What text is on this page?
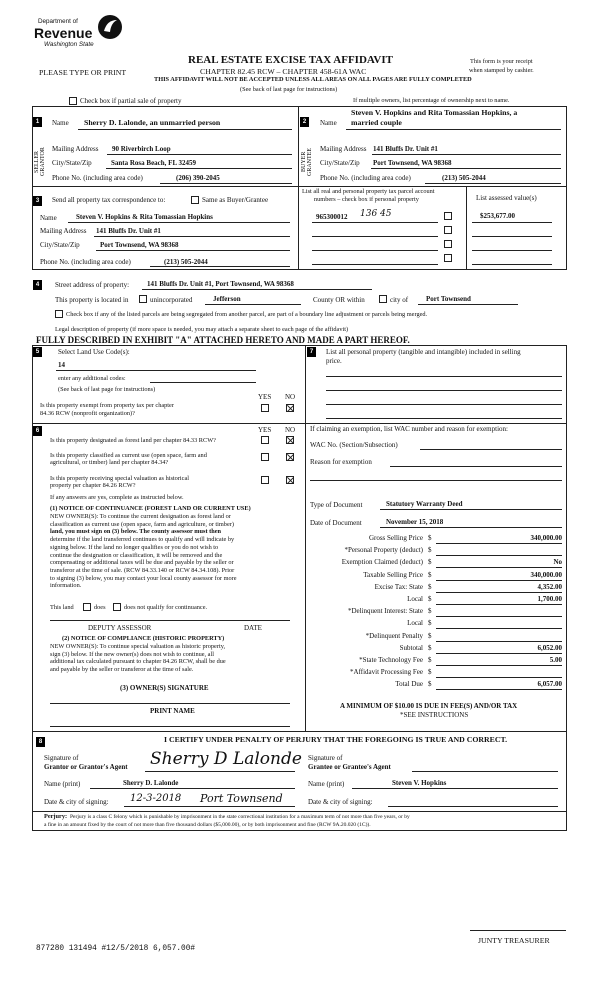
Department of
Revenue
Washington State
REAL ESTATE EXCISE TAX AFFIDAVIT
PLEASE TYPE OR PRINT	CHAPTER 82.45 RCW – CHAPTER 458-61A WAC
This form is your receipt
when stamped by cashier.
THIS AFFIDAVIT WILL NOT BE ACCEPTED UNLESS ALL AREAS ON ALL PAGES ARE FULLY COMPLETED
(See back of last page for instructions)
Check box if partial sale of property	If multiple owners, list percentage of ownership next to name.
1
SELLER GRANTOR
Name Sherry D. Lalonde, an unmarried person
Mailing Address 90 Riverbirch Loop
City/State/Zip	Santa Rosa Beach, FL 32459
Phone No. (including area code)	(206) 390-2045
2
BUYER GRANTEE
Name
Steven V. Hopkins and Rita Tomassian Hopkins, a
married couple
Mailing Address 141 Bluffs Dr. Unit #1
City/State/Zip Port Townsend, WA 98368
Phone No. (including area code)	(213) 505-2044
3	Send all property tax correspondence to:	Same as Buyer/Grantee
Name	Steven V. Hopkins & Rita Tomassian Hopkins
Mailing Address 141 Bluffs Dr. Unit #1
City/State/Zip	Port Townsend, WA 98368
Phone No. (including area code)	(213) 505-2044
List all real and personal property tax parcel account
numbers – check box if personal property	List assessed value(s)
965300012 136 45	$253,677.00
4	Street address of property:	141 Bluffs Dr. Unit #1, Port Townsend, WA 98368
This property is located in	unincorporated	Jefferson	County OR within	city of	Port Townsend
Check box if any of the listed parcels are being segregated from another parcel, are part of a boundary line adjustment or parcels being merged.
Legal description of property (if more space is needed, you may attach a separate sheet to each page of the affidavit)
FULLY DESCRIBED IN EXHIBIT "A" ATTACHED HERETO AND MADE A PART HEREOF.
5	Select Land Use Code(s):
14
enter any additional codes:
(See back of last page for instructions)
YES NO
Is this property exempt from property tax per chapter
84.36 RCW (nonprofit organization)?
6	YES NO
Is this property designated as forest land per chapter 84.33 RCW?
Is this property classified as current use (open space, farm and
agricultural, or timber) land per chapter 84.34?
Is this property receiving special valuation as historical
property per chapter 84.26 RCW?
If any answers are yes, complete as instructed below.
(1) NOTICE OF CONTINUANCE (FOREST LAND OR CURRENT USE)
NEW OWNER(S): To continue the current designation as forest land or
classification as current use (open space, farm and agriculture, or timber)
land, you must sign on (3) below. The county assessor must then
determine if the land transferred continues to qualify and will indicate by
signing below. If the land no longer qualifies or you do not wish to
continue the designation or classification, it will be removed and the
compensating or additional taxes will be due and payable by the seller or
transferor at the time of sale. (RCW 84.33.140 or RCW 84.34.108). Prior
to signing (3) below, you may contact your local county assessor for more
information.
This land	does	does not qualify for continuance.
DEPUTY ASSESSOR	DATE
(2) NOTICE OF COMPLIANCE (HISTORIC PROPERTY)
NEW OWNER(S): To continue special valuation as historic property,
sign (3) below. If the new owner(s) does not wish to continue, all
additional tax calculated pursuant to chapter 84.26 RCW, shall be due
and payable by the seller or transferor at the time of sale.
(3) OWNER(S) SIGNATURE
PRINT NAME
7	List all personal property (tangible and intangible) included in selling
price.
If claiming an exemption, list WAC number and reason for exemption:
WAC No. (Section/Subsection)
Reason for exemption
Type of Document	Statutory Warranty Deed
Date of Document	November 15, 2018
Gross Selling Price $	340,000.00
*Personal Property (deduct) $
Exemption Claimed (deduct) $	No
Taxable Selling Price $	340,000.00
Excise Tax: State $	4,352.00
Local $	1,700.00
*Delinquent Interest: State $
Local $
*Delinquent Penalty $
Subtotal $	6,052.00
*State Technology Fee $	5.00
*Affidavit Processing Fee $
Total Due $	6,057.00
A MINIMUM OF $10.00 IS DUE IN FEE(S) AND/OR TAX
*SEE INSTRUCTIONS
8	I CERTIFY UNDER PENALTY OF PERJURY THAT THE FOREGOING IS TRUE AND CORRECT.
Signature of
Grantor or Grantor's Agent Sherry D Lalonde Signature of
Grantee or Grantee's Agent
Name (print)	Sherry D. Lalonde	Name (print)	Steven V. Hopkins
Date & city of signing: 12-3-2018 Port Townsend	Date & city of signing:
Perjury: Perjury is a class C felony which is punishable by imprisonment in the state correctional institution for a maximum term of not more than five years, or by
a fine in an amount fixed by the court of not more than five thousand dollars ($5,000.00), or by both imprisonment and fine (RCW 9A.20.020 (1C)).
877280 131494 #12/5/2018 6,057.00#
JUNTY TREASURER
